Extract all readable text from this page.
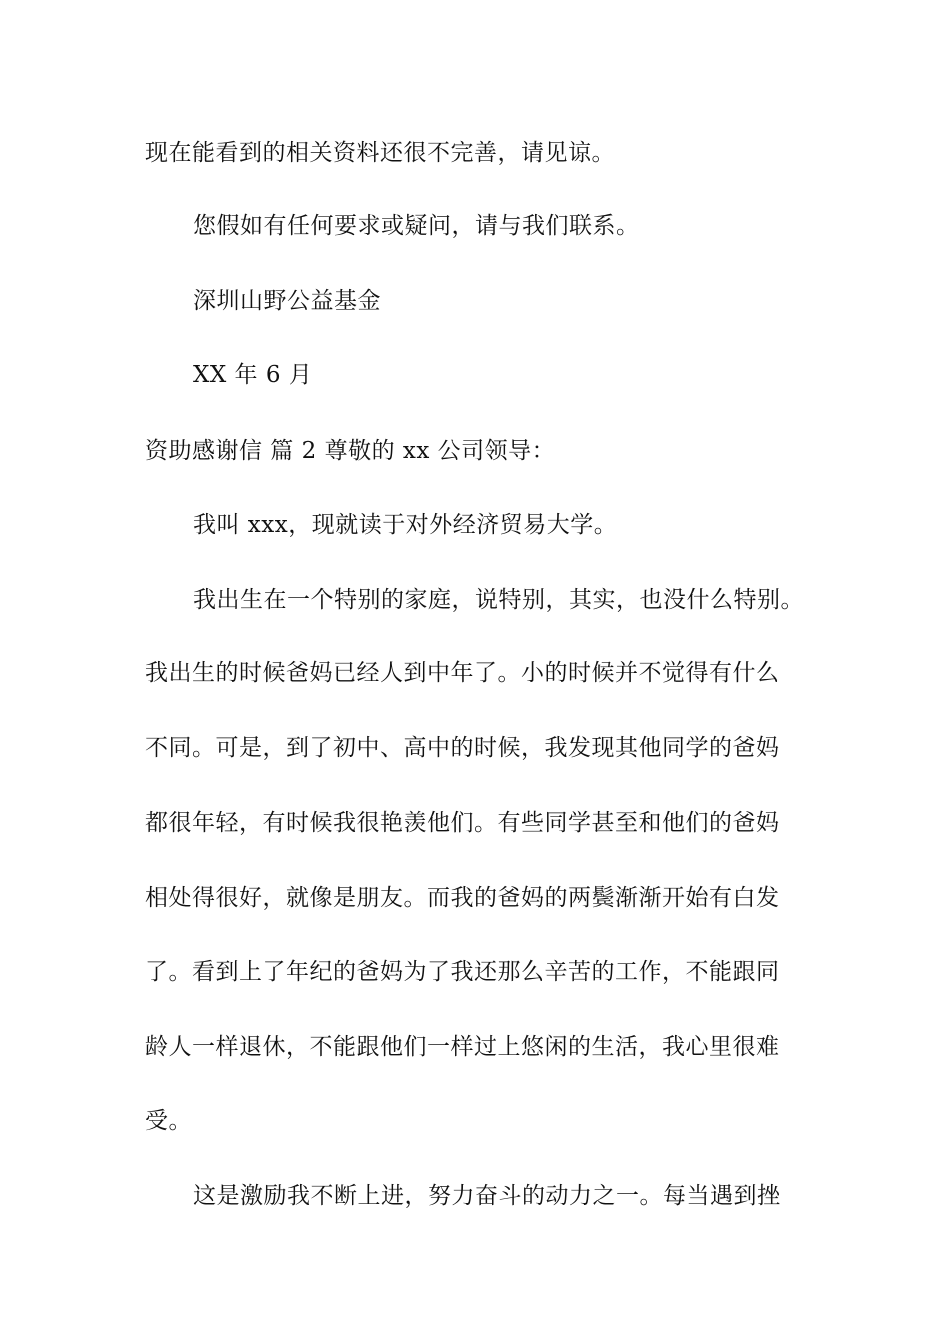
现在能看到的相关资料还很不完善，请见谅。
您假如有任何要求或疑问，请与我们联系。
深圳山野公益基金
XX 年 6 月
资助感谢信 篇 2 尊敬的 xx 公司领导：
我叫 xxx，现就读于对外经济贸易大学。
我出生在一个特别的家庭，说特别，其实，也没什么特别。
我出生的时候爸妈已经人到中年了。小的时候并不觉得有什么
不同。可是，到了初中、高中的时候，我发现其他同学的爸妈
都很年轻，有时候我很艳羡他们。有些同学甚至和他们的爸妈
相处得很好，就像是朋友。而我的爸妈的两鬓渐渐开始有白发
了。看到上了年纪的爸妈为了我还那么辛苦的工作，不能跟同
龄人一样退休，不能跟他们一样过上悠闲的生活，我心里很难
受。
这是激励我不断上进，努力奋斗的动力之一。每当遇到挫
